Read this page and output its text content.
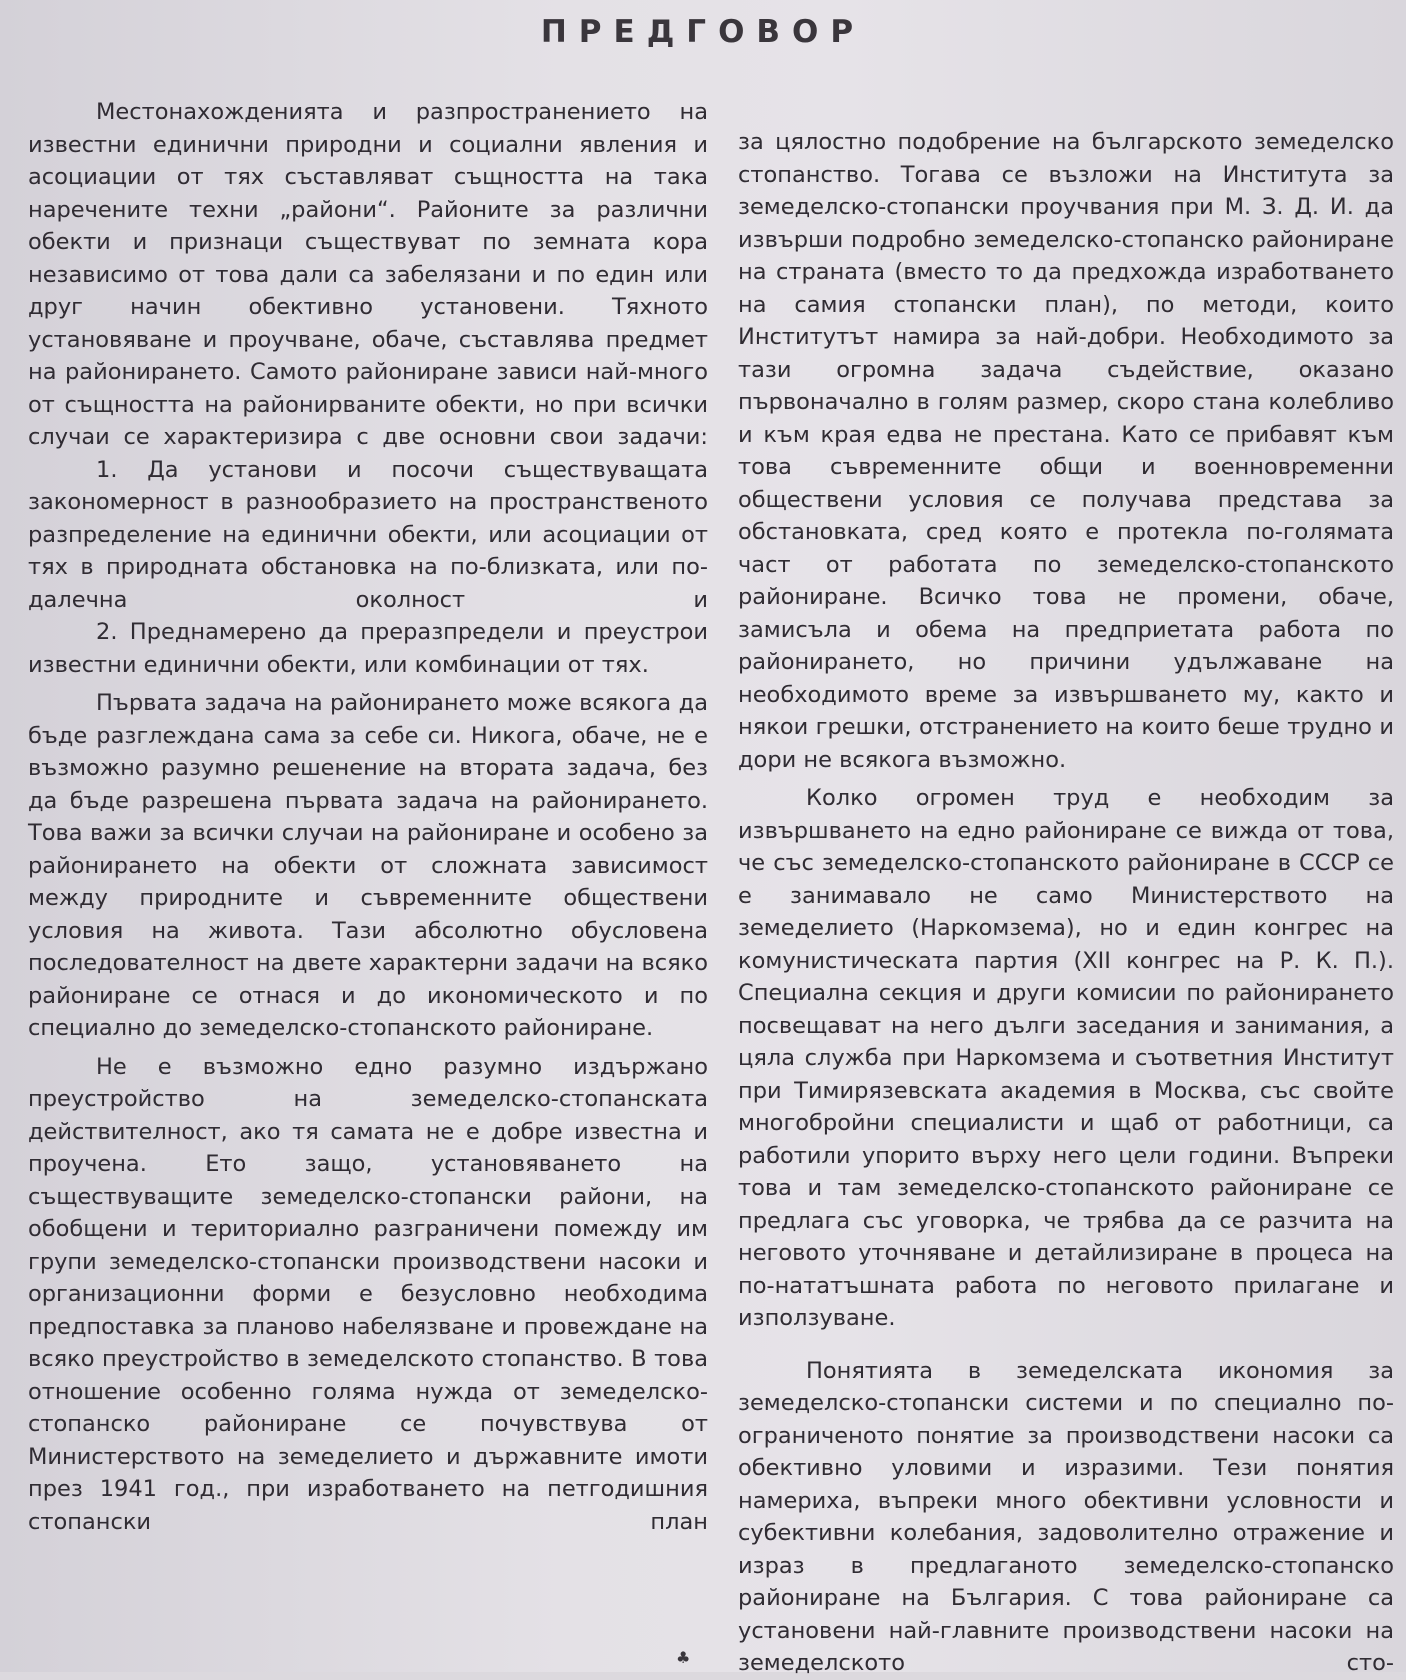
ПРЕДГОВОР

Местонахожденията и разпространението на известни единични природни и социални явления и асоциации от тях съставляват същността на така наречените техни „райони“. Районите за различни обекти и признаци съществуват по земната кора независимо от това дали са забелязани и по един или друг начин обективно установени. Тяхното установяване и проучване, обаче, съставлява предмет на районирането. Самото райониране зависи най-много от същността на районирваните обекти, но при всички случаи се характеризира с две основни свои задачи:

1. Да установи и посочи съществуващата закономерност в разнообразието на пространственото разпределение на единични обекти, или асоциации от тях в природната обстановка на по-близката, или по-далечна околност и

2. Преднамерено да преразпредели и преустрои известни единични обекти, или комбинации от тях.

Първата задача на районирането може всякога да бъде разглеждана сама за себе си. Никога, обаче, не е възможно разумно решенение на втората задача, без да бъде разрешена първата задача на районирането. Това важи за всички случаи на райониране и особено за районирането на обекти от сложната зависимост между природните и съвременните обществени условия на живота. Тази абсолютно обусловена последователност на двете характерни задачи на всяко райониране се отнася и до икономическото и по специално до земеделско-стопанското райониране.

Не е възможно едно разумно издържано преустройство на земеделско-стопанската действителност, ако тя самата не е добре известна и проучена. Ето защо, установяването на съществуващите земеделско-стопански райони, на обобщени и териториално разграничени помежду им групи земеделско-стопански производствени насоки и организационни форми е безусловно необходима предпоставка за планово набелязване и провеждане на всяко преустройство в земеделското стопанство. В това отношение особенно голяма нужда от земеделско-стопанско райониране се почувствува от Министерството на земеделието и държавните имоти през 1941 год., при изработването на петгодишния стопански план

за цялостно подобрение на българското земеделско стопанство. Тогава се възложи на Института за земеделско-стопански проучвания при М. З. Д. И. да извърши подробно земеделско-стопанско райониране на страната (вместо то да предхожда изработването на самия стопански план), по методи, които Институтът намира за най-добри. Необходимото за тази огромна задача съдействие, оказано първоначално в голям размер, скоро стана колебливо и към края едва не престана. Като се прибавят към това съвременните общи и военновременни обществени условия се получава представа за обстановката, сред която е протекла по-голямата част от работата по земеделско-стопанското райониране. Всичко това не промени, обаче, замисъла и обема на предприетата работа по районирането, но причини удължаване на необходимото време за извършването му, както и някои грешки, отстранението на които беше трудно и дори не всякога възможно.

Колко огромен труд е необходим за извършването на едно райониране се вижда от това, че със земеделско-стопанското райониране в СССР се е занимавало не само Министерството на земеделието (Наркомзема), но и един конгрес на комунистическата партия (XII конгрес на Р. К. П.). Специална секция и други комисии по районирането посвещават на него дълги заседания и занимания, а цяла служба при Наркомзема и съответния Институт при Тимирязевската академия в Москва, със свойте многобройни специалисти и щаб от работници, са работили упорито върху него цели години. Въпреки това и там земеделско-стопанското райониране се предлага със уговорка, че трябва да се разчита на неговото уточняване и детайлизиране в процеса на по-нататъшната работа по неговото прилагане и използуване.

Понятията в земеделската икономия за земеделско-стопански системи и по специално по-ограниченото понятие за производствени насоки са обективно уловими и изразими. Тези понятия намериха, въпреки много обективни условности и субективни колебания, задоволително отражение и израз в предлаганото земеделско-стопанско райониране на България. С това райониране са установени най-главните производствени насоки на земеделското сто-

♣
